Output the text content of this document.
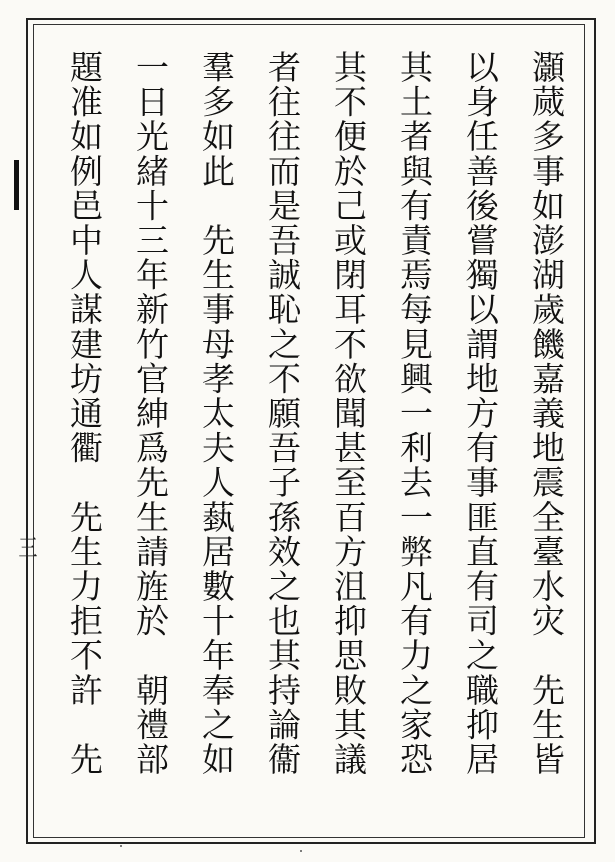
三	灝蒇多事如澎湖歲饑嘉義地震全臺水灾　先生皆
以身任善後嘗獨以謂地方有事匪直有司之職抑居
其土者與有責焉每見興一利去一弊凡有力之家恐
其不便於己或閉耳不欲聞甚至百方沮抑思敗其議
者往往而是吾誠恥之不願吾子孫效之也其持論衞
羣多如此　先生事母孝太夫人蓺居數十年奉之如
一日光緒十三年新竹官紳爲先生請旌於　朝禮部
題准如例邑中人謀建坊通衢　先生力拒不許　先
